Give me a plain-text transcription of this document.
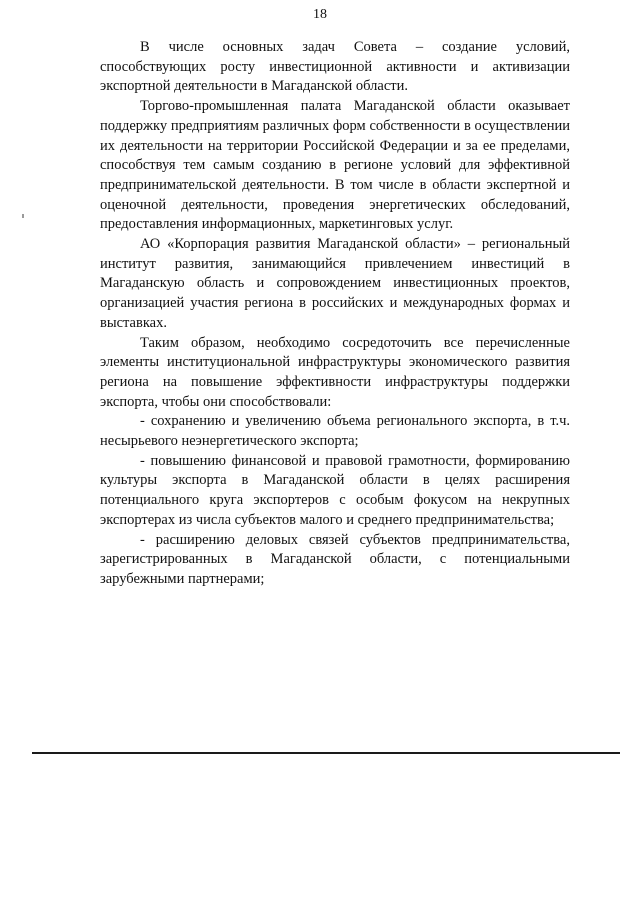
18

В числе основных задач Совета – создание условий, способствующих росту инвестиционной активности и активизации экспортной деятельности в Магаданской области.

Торгово-промышленная палата Магаданской области оказывает поддержку предприятиям различных форм собственности в осуществлении их деятельности на территории Российской Федерации и за ее пределами, способствуя тем самым созданию в регионе условий для эффективной предпринимательской деятельности. В том числе в области экспертной и оценочной деятельности, проведения энергетических обследований, предоставления информационных, маркетинговых услуг.

АО «Корпорация развития Магаданской области» – региональный институт развития, занимающийся привлечением инвестиций в Магаданскую область и сопровождением инвестиционных проектов, организацией участия региона в российских и международных формах и выставках.

Таким образом, необходимо сосредоточить все перечисленные элементы институциональной инфраструктуры экономического развития региона на повышение эффективности инфраструктуры поддержки экспорта, чтобы они способствовали:

- сохранению и увеличению объема регионального экспорта, в т.ч. несырьевого неэнергетического экспорта;

- повышению финансовой и правовой грамотности, формированию культуры экспорта в Магаданской области в целях расширения потенциального круга экспортеров с особым фокусом на некрупных экспортерах из числа субъектов малого и среднего предпринимательства;

- расширению деловых связей субъектов предпринимательства, зарегистрированных в Магаданской области, с потенциальными зарубежными партнерами;
